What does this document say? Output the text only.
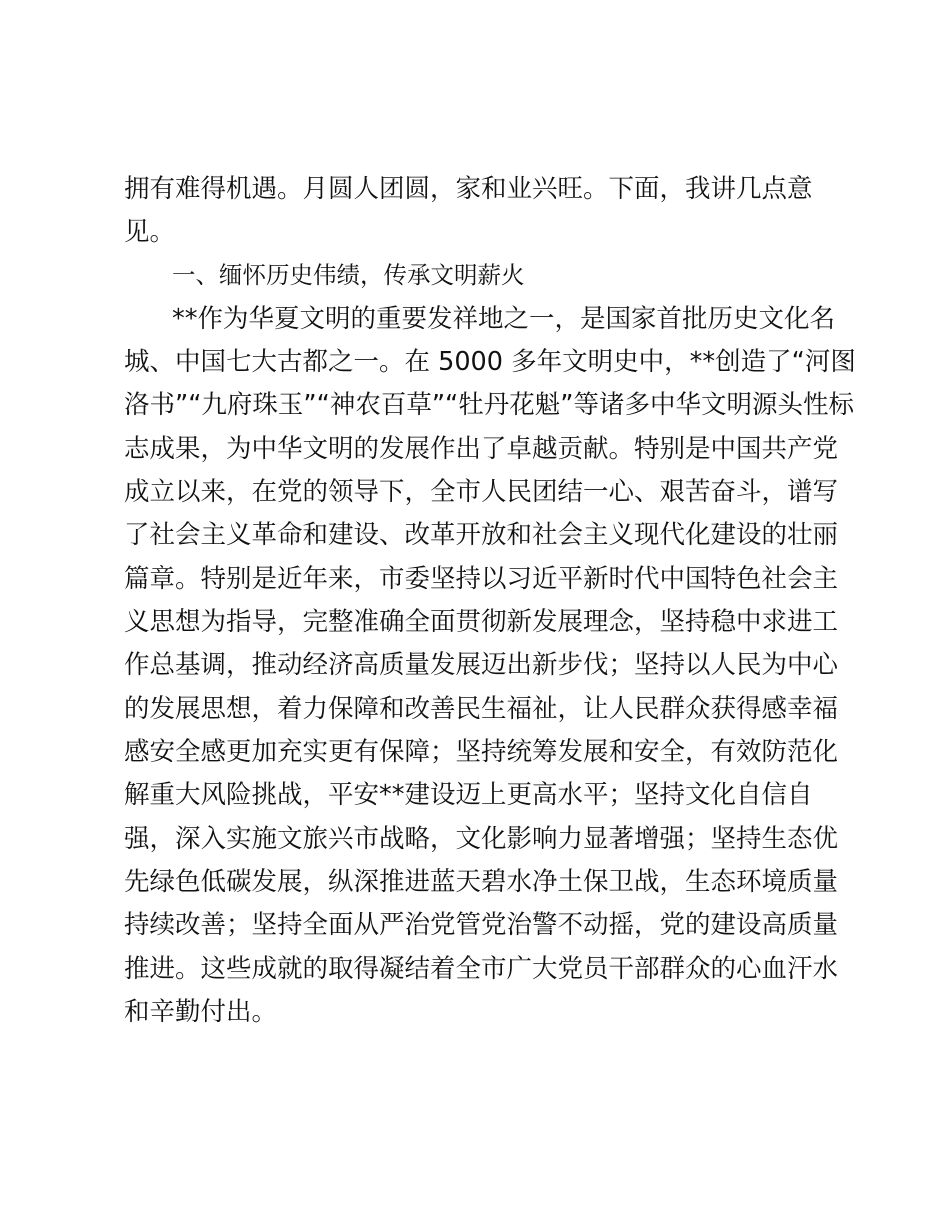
拥有难得机遇。月圆人团圆，家和业兴旺。下面，我讲几点意
见。
一、缅怀历史伟绩，传承文明薪火
**作为华夏文明的重要发祥地之一，是国家首批历史文化名
城、中国七大古都之一。在 5000 多年文明史中，**创造了“河图
洛书”“九府珠玉”“神农百草”“牡丹花魁”等诸多中华文明源头性标
志成果，为中华文明的发展作出了卓越贡献。特别是中国共产党
成立以来，在党的领导下，全市人民团结一心、艰苦奋斗，谱写
了社会主义革命和建设、改革开放和社会主义现代化建设的壮丽
篇章。特别是近年来，市委坚持以习近平新时代中国特色社会主
义思想为指导，完整准确全面贯彻新发展理念，坚持稳中求进工
作总基调，推动经济高质量发展迈出新步伐；坚持以人民为中心
的发展思想，着力保障和改善民生福祉，让人民群众获得感幸福
感安全感更加充实更有保障；坚持统筹发展和安全，有效防范化
解重大风险挑战，平安**建设迈上更高水平；坚持文化自信自
强，深入实施文旅兴市战略，文化影响力显著增强；坚持生态优
先绿色低碳发展，纵深推进蓝天碧水净土保卫战，生态环境质量
持续改善；坚持全面从严治党管党治警不动摇，党的建设高质量
推进。这些成就的取得凝结着全市广大党员干部群众的心血汗水
和辛勤付出。
